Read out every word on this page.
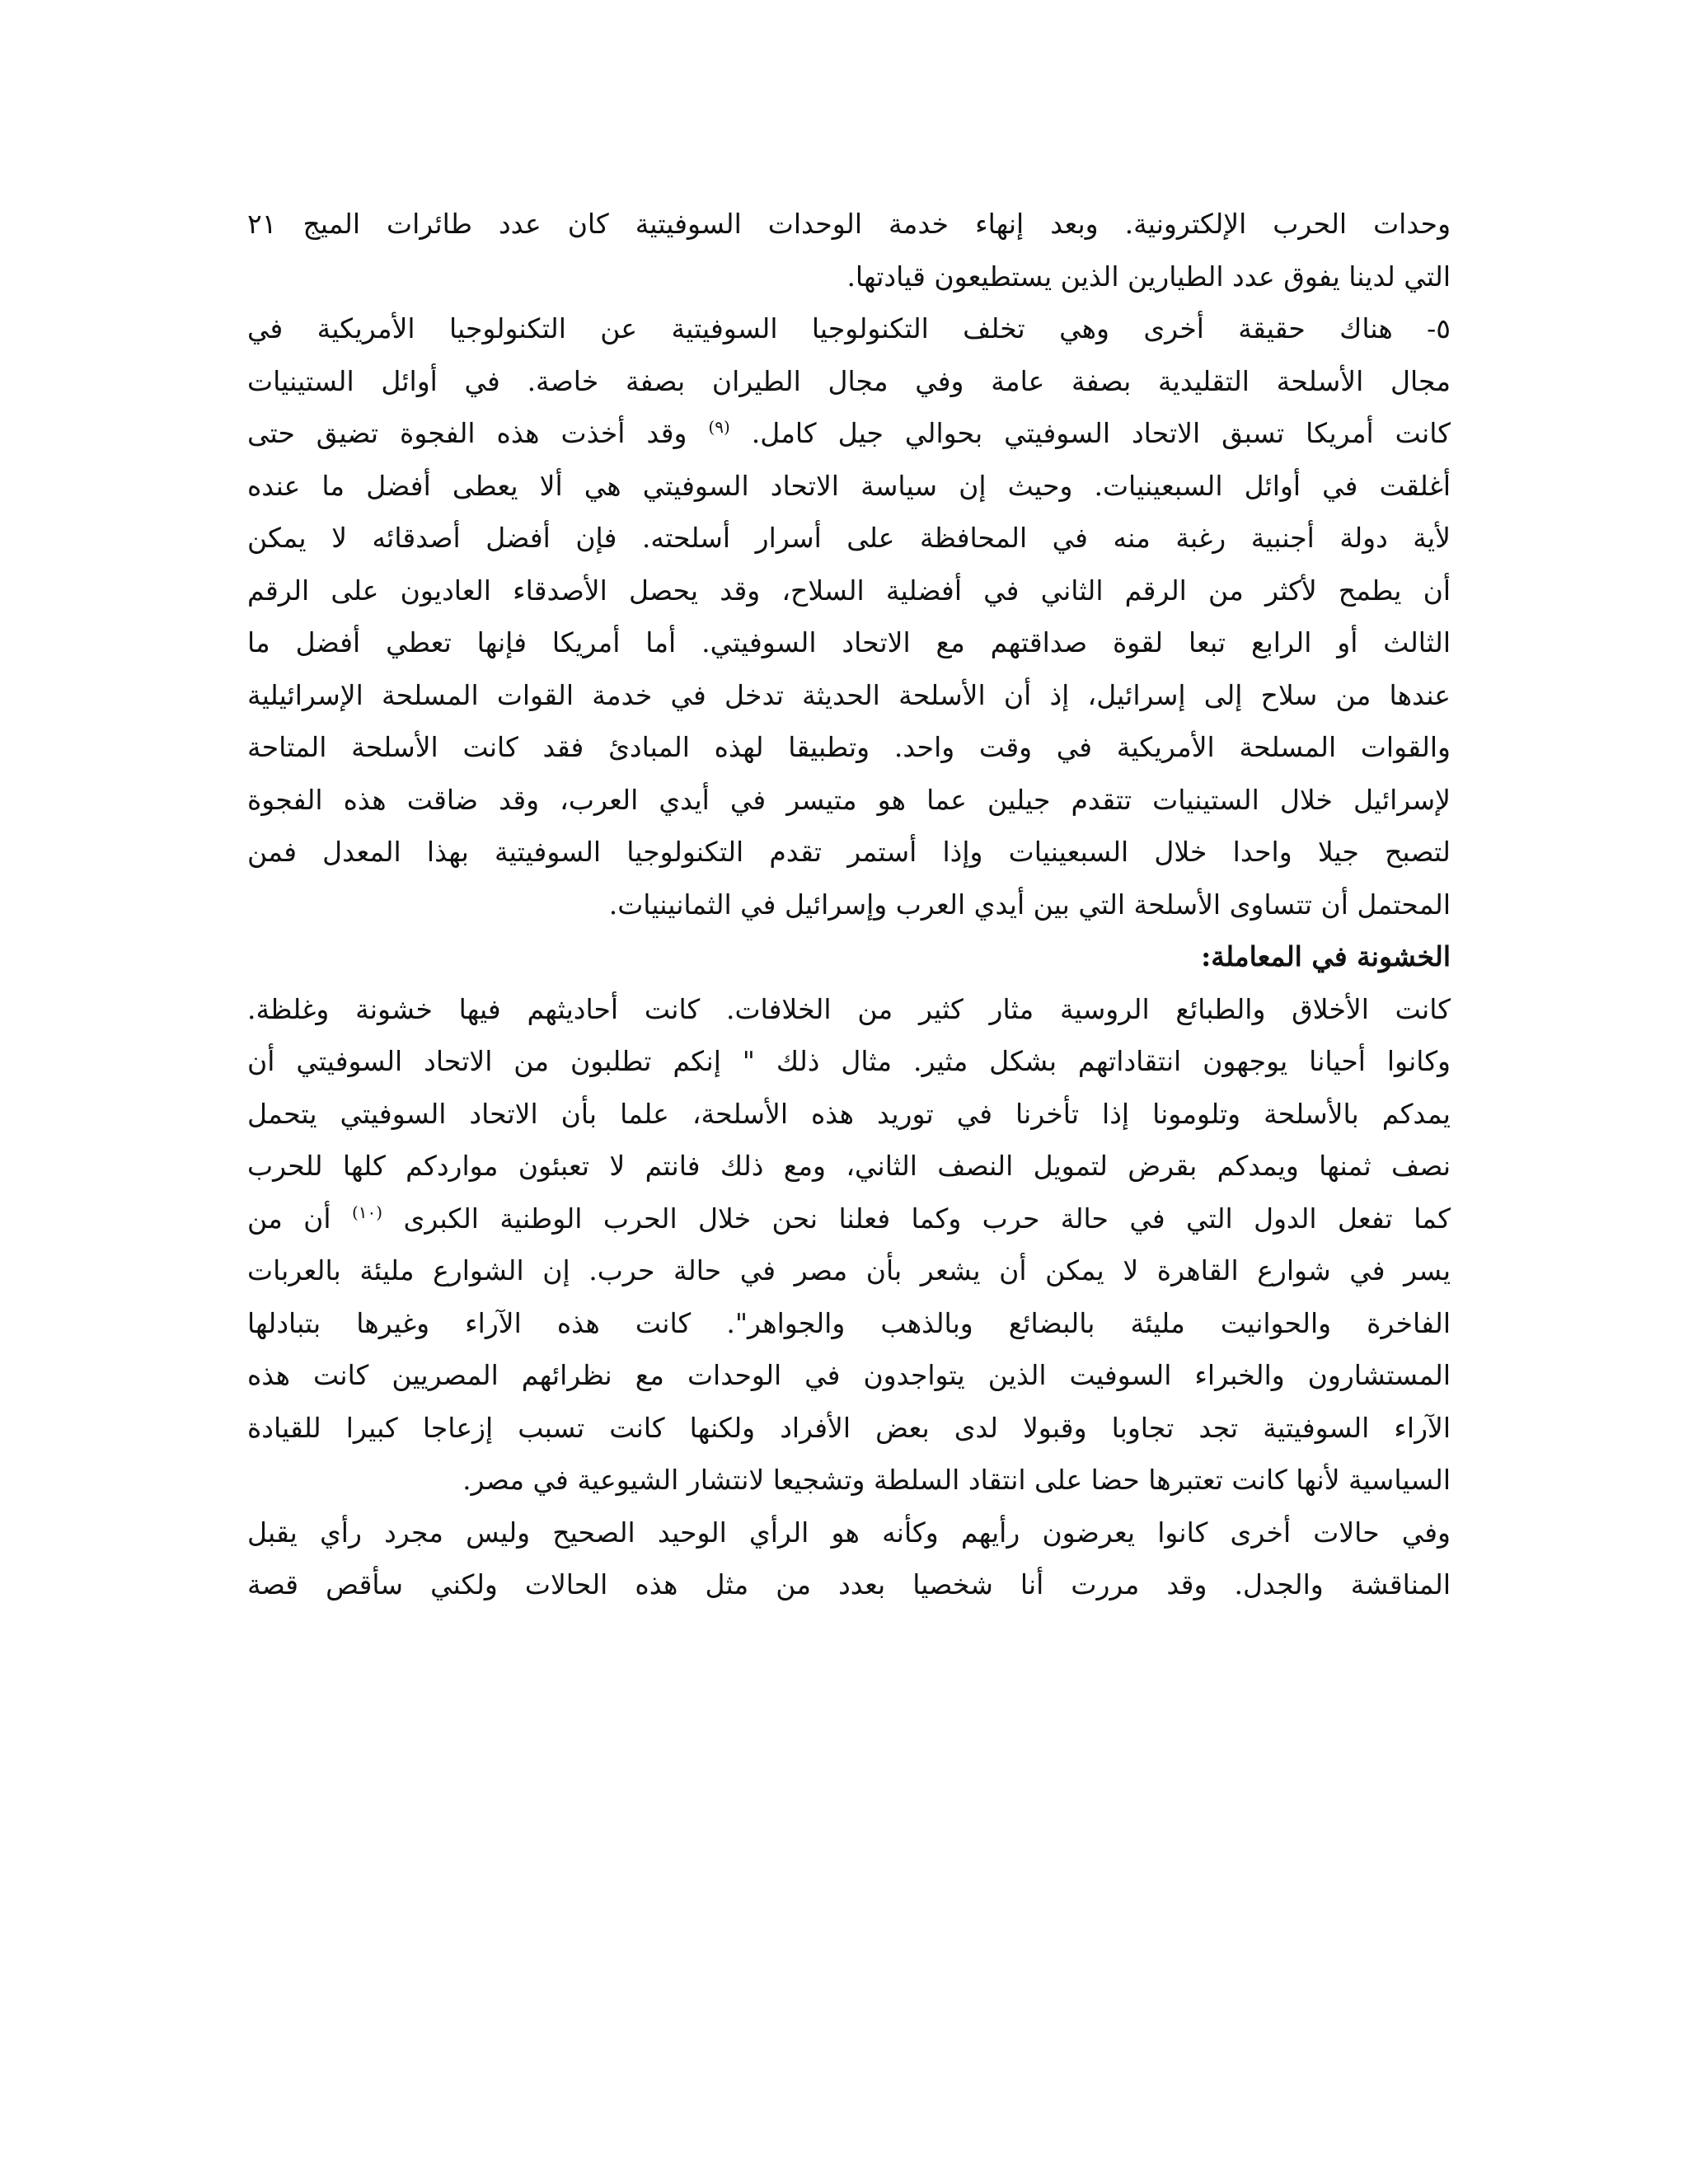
وحدات الحرب الإلكترونية. وبعد إنهاء خدمة الوحدات السوفيتية كان عدد طائرات الميج ٢١
التي لدينا يفوق عدد الطيارين الذين يستطيعون قيادتها.
٥- هناك حقيقة أخرى وهي تخلف التكنولوجيا السوفيتية عن التكنولوجيا الأمريكية في
مجال الأسلحة التقليدية بصفة عامة وفي مجال الطيران بصفة خاصة. في أوائل الستينيات
كانت أمريكا تسبق الاتحاد السوفيتي بحوالي جيل كامل. $^{(٩)}$ وقد أخذت هذه الفجوة تضيق حتى
أغلقت في أوائل السبعينيات. وحيث إن سياسة الاتحاد السوفيتي هي ألا يعطى أفضل ما عنده
لأية دولة أجنبية رغبة منه في المحافظة على أسرار أسلحته. فإن أفضل أصدقائه لا يمكن
أن يطمح لأكثر من الرقم الثاني في أفضلية السلاح، وقد يحصل الأصدقاء العاديون على الرقم
الثالث أو الرابع تبعا لقوة صداقتهم مع الاتحاد السوفيتي. أما أمريكا فإنها تعطي أفضل ما
عندها من سلاح إلى إسرائيل، إذ أن الأسلحة الحديثة تدخل في خدمة القوات المسلحة الإسرائيلية
والقوات المسلحة الأمريكية في وقت واحد. وتطبيقا لهذه المبادئ فقد كانت الأسلحة المتاحة
لإسرائيل خلال الستينيات تتقدم جيلين عما هو متيسر في أيدي العرب، وقد ضاقت هذه الفجوة
لتصبح جيلا واحدا خلال السبعينيات وإذا أستمر تقدم التكنولوجيا السوفيتية بهذا المعدل فمن
المحتمل أن تتساوى الأسلحة التي بين أيدي العرب وإسرائيل في الثمانينيات.
الخشونة في المعاملة:
كانت الأخلاق والطبائع الروسية مثار كثير من الخلافات. كانت أحاديثهم فيها خشونة وغلظة.
وكانوا أحيانا يوجهون انتقاداتهم بشكل مثير. مثال ذلك " إنكم تطلبون من الاتحاد السوفيتي أن
يمدكم بالأسلحة وتلومونا إذا تأخرنا في توريد هذه الأسلحة، علما بأن الاتحاد السوفيتي يتحمل
نصف ثمنها ويمدكم بقرض لتمويل النصف الثاني، ومع ذلك فانتم لا تعبئون مواردكم كلها للحرب
كما تفعل الدول التي في حالة حرب وكما فعلنا نحن خلال الحرب الوطنية الكبرى $^{(١٠)}$ أن من
يسر في شوارع القاهرة لا يمكن أن يشعر بأن مصر في حالة حرب. إن الشوارع مليئة بالعربات
الفاخرة والحوانيت مليئة بالبضائع وبالذهب والجواهر". كانت هذه الآراء وغيرها بتبادلها
المستشارون والخبراء السوفيت الذين يتواجدون في الوحدات مع نظرائهم المصريين كانت هذه
الآراء السوفيتية تجد تجاوبا وقبولا لدى بعض الأفراد ولكنها كانت تسبب إزعاجا كبيرا للقيادة
السياسية لأنها كانت تعتبرها حضا على انتقاد السلطة وتشجيعا لانتشار الشيوعية في مصر.
وفي حالات أخرى كانوا يعرضون رأيهم وكأنه هو الرأي الوحيد الصحيح وليس مجرد رأي يقبل
المناقشة والجدل. وقد مررت أنا شخصيا بعدد من مثل هذه الحالات ولكني سأقص قصة
